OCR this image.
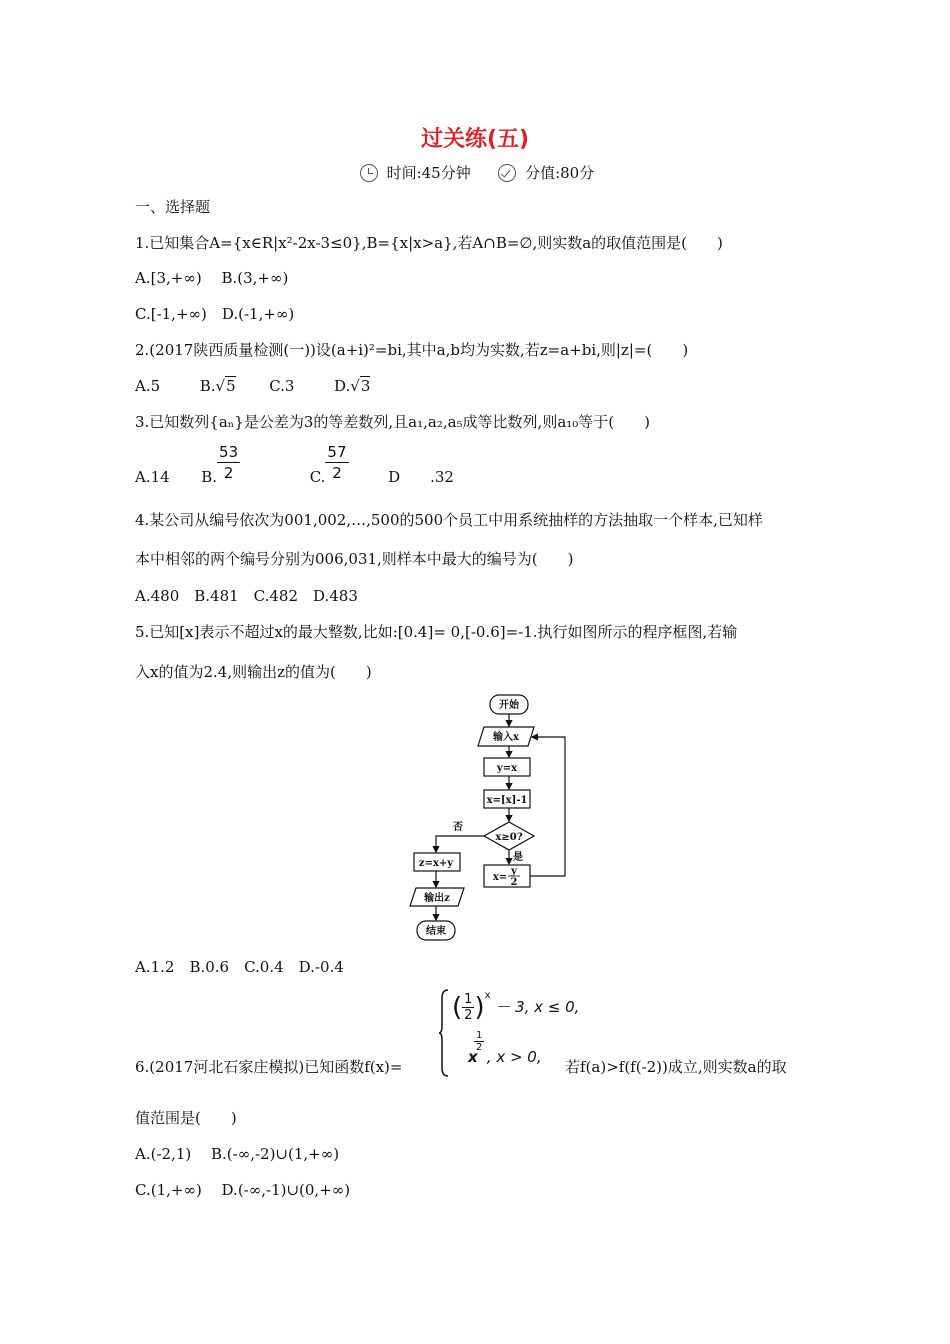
过关练(五)
时间:45分钟	分值:80分
一、选择题
1.已知集合A={x∈R|x²-2x-3≤0},B={x|x>a},若A∩B=∅,则实数a的取值范围是(　　)
A.[3,+∞)　 B.(3,+∞)
C.[-1,+∞)　D.(-1,+∞)
2.(2017陕西质量检测(一))设(a+i)²=bi,其中a,b均为实数,若z=a+bi,则|z|=(　　)
A.5	B.√5 C.3	D.√3
3.已知数列{aₙ}是公差为3的等差数列,且a₁,a₂,a₅成等比数列,则a₁₀等于(　　)
A.14 B. $\frac{53}{2}$	C. $\frac{57}{2}$	D　　.32
4.某公司从编号依次为001,002,…,500的500个员工中用系统抽样的方法抽取一个样本,已知样
本中相邻的两个编号分别为006,031,则样本中最大的编号为(　　)
A.480　B.481　C.482　D.483
5.已知[x]表示不超过x的最大整数,比如:[0.4]= 0,[-0.6]=-1.执行如图所示的程序框图,若输
入x的值为2.4,则输出z的值为(　　)
开始
输入x
y=x
x=[x]-1
x≥0?
否
是
x=
y
2
z=x+y
输出z
结束
A.1.2　B.0.6　C.0.4　D.-0.4
6.(2017河北石家庄模拟)已知函数f(x)=
( $\frac{1}{2} )^x - 3$, x ≤ 0,
$\frac{1}{2}$
x , x > 0,
若f(a)>f(f(-2))成立,则实数a的取
值范围是(　　)
A.(-2,1)　 B.(-∞,-2)∪(1,+∞)
C.(1,+∞)　 D.(-∞,-1)∪(0,+∞)
